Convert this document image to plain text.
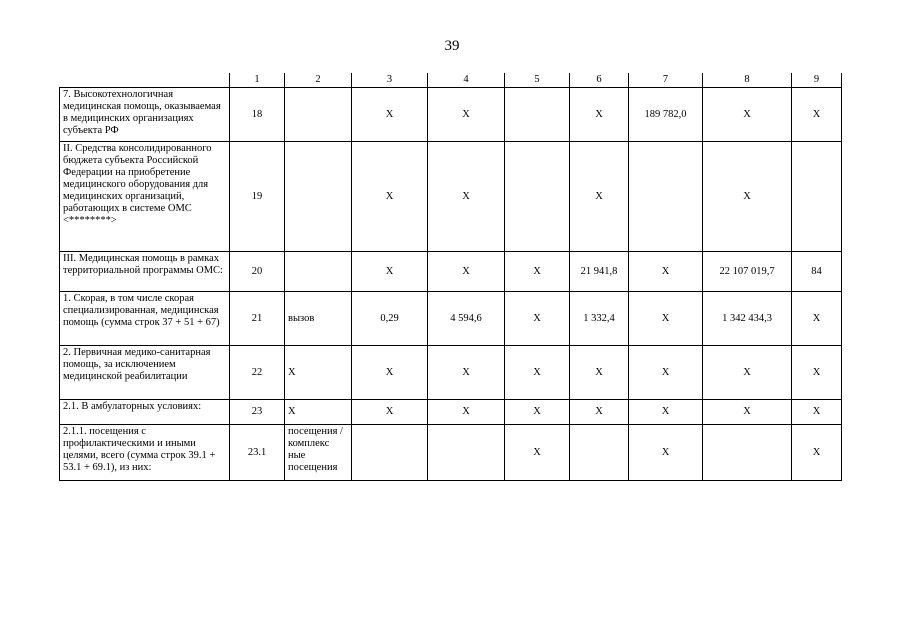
39
	1	2	3	4	5	6	7	8	9
7. Высокотехнологичная медицинская помощь, оказываемая в медицинских организациях субъекта РФ	18		Х	Х		Х	189 782,0	Х	Х
II. Средства консолидированного бюджета субъекта Российской Федерации на приобретение медицинского оборудования для медицинских организаций, работающих в системе ОМС <********>	19		Х	Х		Х		Х	
III. Медицинская помощь в рамках территориальной программы ОМС:	20		Х	Х	Х	21 941,8	Х	22 107 019,7	84
1. Скорая, в том числе скорая специализированная, медицинская помощь (сумма строк 37 + 51 + 67)	21	вызов	0,29	4 594,6	Х	1 332,4	Х	1 342 434,3	Х
2. Первичная медико-санитарная помощь, за исключением медицинской реабилитации	22	Х	Х	Х	Х	Х	Х	Х	Х
2.1. В амбулаторных условиях:	23	Х	Х	Х	Х	Х	Х	Х	Х
2.1.1. посещения с профилактическими и иными целями, всего (сумма строк 39.1 + 53.1 + 69.1), из них:	23.1	посещения /комплекс ные посещения			Х		Х		Х
